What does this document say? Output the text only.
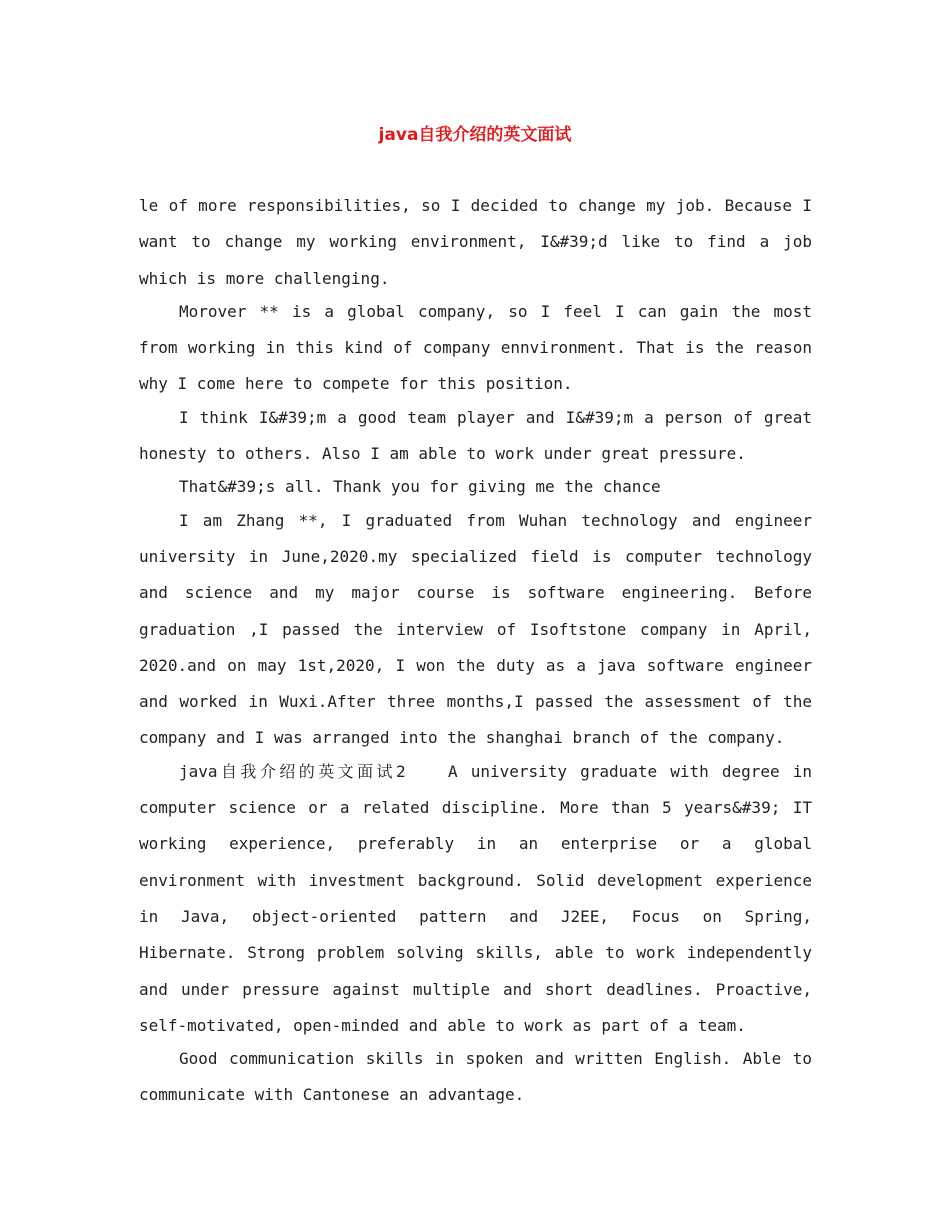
java自我介绍的英文面试

le of more responsibilities, so I decided to change my job. Because I want to change my working environment, I&#39;d like to find a job which is more challenging.

Morover ** is a global company, so I feel I can gain the most from working in this kind of company ennvironment. That is the reason why I come here to compete for this position.

I think I&#39;m a good team player and I&#39;m a person of great honesty to others. Also I am able to work under great pressure.

That&#39;s all. Thank you for giving me the chance

I am Zhang **, I graduated from Wuhan technology and engineer university in June,2020.my specialized field is computer technology and science and my major course is software engineering. Before graduation ,I passed the interview of Isoftstone company in April, 2020.and on may 1st,2020, I won the duty as a java software engineer and worked in Wuxi.After three months,I passed the assessment of the company and I was arranged into the shanghai branch of the company.

java自我介绍的英文面试2　　A university graduate with degree in computer science or a related discipline. More than 5 years&#39; IT working experience, preferably in an enterprise or a global environment with investment background. Solid development experience in Java, object-oriented pattern and J2EE, Focus on Spring, Hibernate. Strong problem solving skills, able to work independently and under pressure against multiple and short deadlines. Proactive, self-motivated, open-minded and able to work as part of a team.

Good communication skills in spoken and written English. Able to communicate with Cantonese an advantage.
